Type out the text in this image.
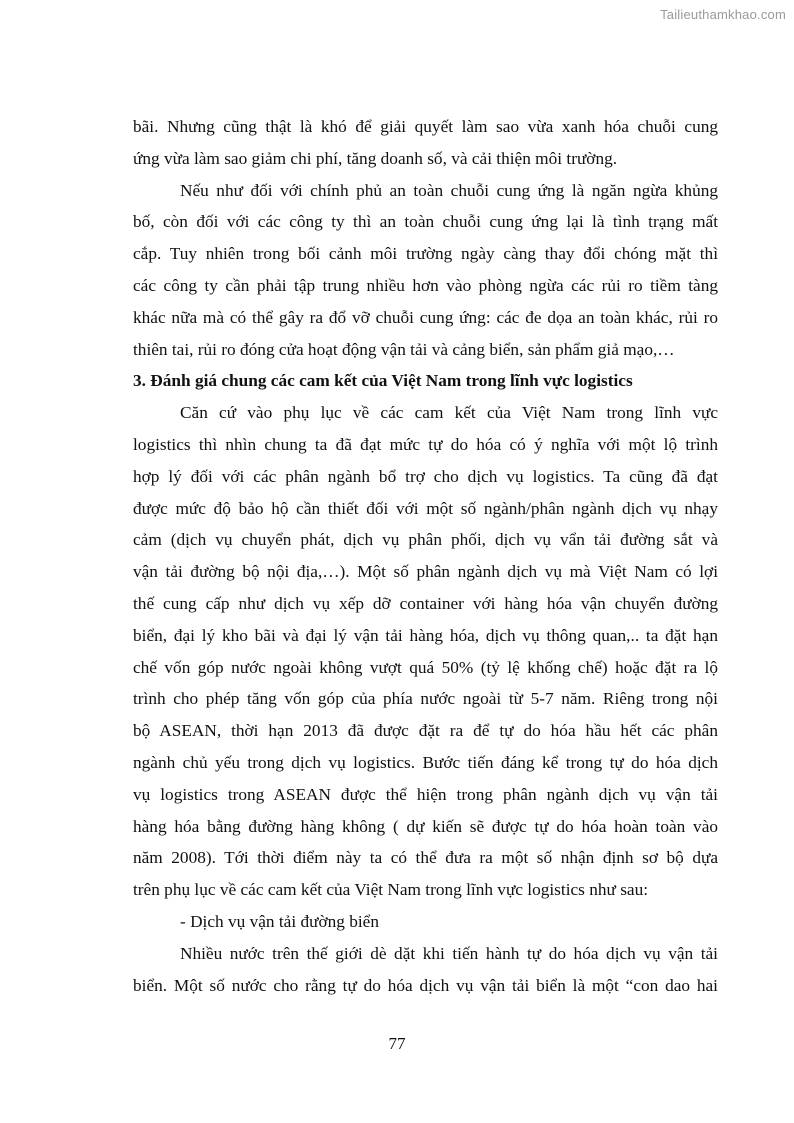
Tailieuthamkhao.com
bãi. Nhưng cũng thật là khó để giải quyết làm sao vừa xanh hóa chuỗi cung
ứng vừa làm sao giảm chi phí, tăng doanh số, và cải thiện môi trường.
Nếu như đối với chính phủ an toàn chuỗi cung ứng là ngăn ngừa khủng
bố, còn đối với các công ty thì an toàn chuỗi cung ứng lại là tình trạng mất
cắp. Tuy nhiên trong bối cảnh môi trường ngày càng thay đổi chóng mặt thì
các công ty cần phải tập trung nhiều hơn vào phòng ngừa các rủi ro tiềm tàng
khác nữa mà có thể gây ra đổ vỡ chuỗi cung ứng: các đe dọa an toàn khác, rủi ro
thiên tai, rủi ro đóng cửa hoạt động vận tải và cảng biển, sản phẩm giả mạo,…
3. Đánh giá chung các cam kết của Việt Nam trong lĩnh vực logistics
Căn cứ vào phụ lục về các cam kết của Việt Nam trong lĩnh vực
logistics thì nhìn chung ta đã đạt mức tự do hóa có ý nghĩa với một lộ trình
hợp lý đối với các phân ngành bổ trợ cho dịch vụ logistics. Ta cũng đã đạt
được mức độ bảo hộ cần thiết đối với một số ngành/phân ngành dịch vụ nhạy
cảm (dịch vụ chuyển phát, dịch vụ phân phối, dịch vụ vẩn tải đường sắt và
vận tải đường bộ nội địa,…). Một số phân ngành dịch vụ mà Việt Nam có lợi
thế cung cấp như dịch vụ xếp dỡ container với hàng hóa vận chuyển đường
biển, đại lý kho bãi và đại lý vận tải hàng hóa, dịch vụ thông quan,.. ta đặt hạn
chế vốn góp nước ngoài không vượt quá 50% (tỷ lệ khống chế) hoặc đặt ra lộ
trình cho phép tăng vốn góp của phía nước ngoài từ 5-7 năm. Riêng trong nội
bộ ASEAN, thời hạn 2013 đã được đặt ra để tự do hóa hầu hết các phân
ngành chủ yếu trong dịch vụ logistics. Bước tiến đáng kể trong tự do hóa dịch
vụ logistics trong ASEAN được thể hiện trong phân ngành dịch vụ vận tải
hàng hóa bằng đường hàng không ( dự kiến sẽ được tự do hóa hoàn toàn vào
năm 2008). Tới thời điểm này ta có thể đưa ra một số nhận định sơ bộ dựa
trên phụ lục về các cam kết của Việt Nam trong lĩnh vực logistics như sau:
- Dịch vụ vận tải đường biển
Nhiều nước trên thế giới dè dặt khi tiến hành tự do hóa dịch vụ vận tải
biển. Một số nước cho rằng tự do hóa dịch vụ vận tải biển là một “con dao hai
77
